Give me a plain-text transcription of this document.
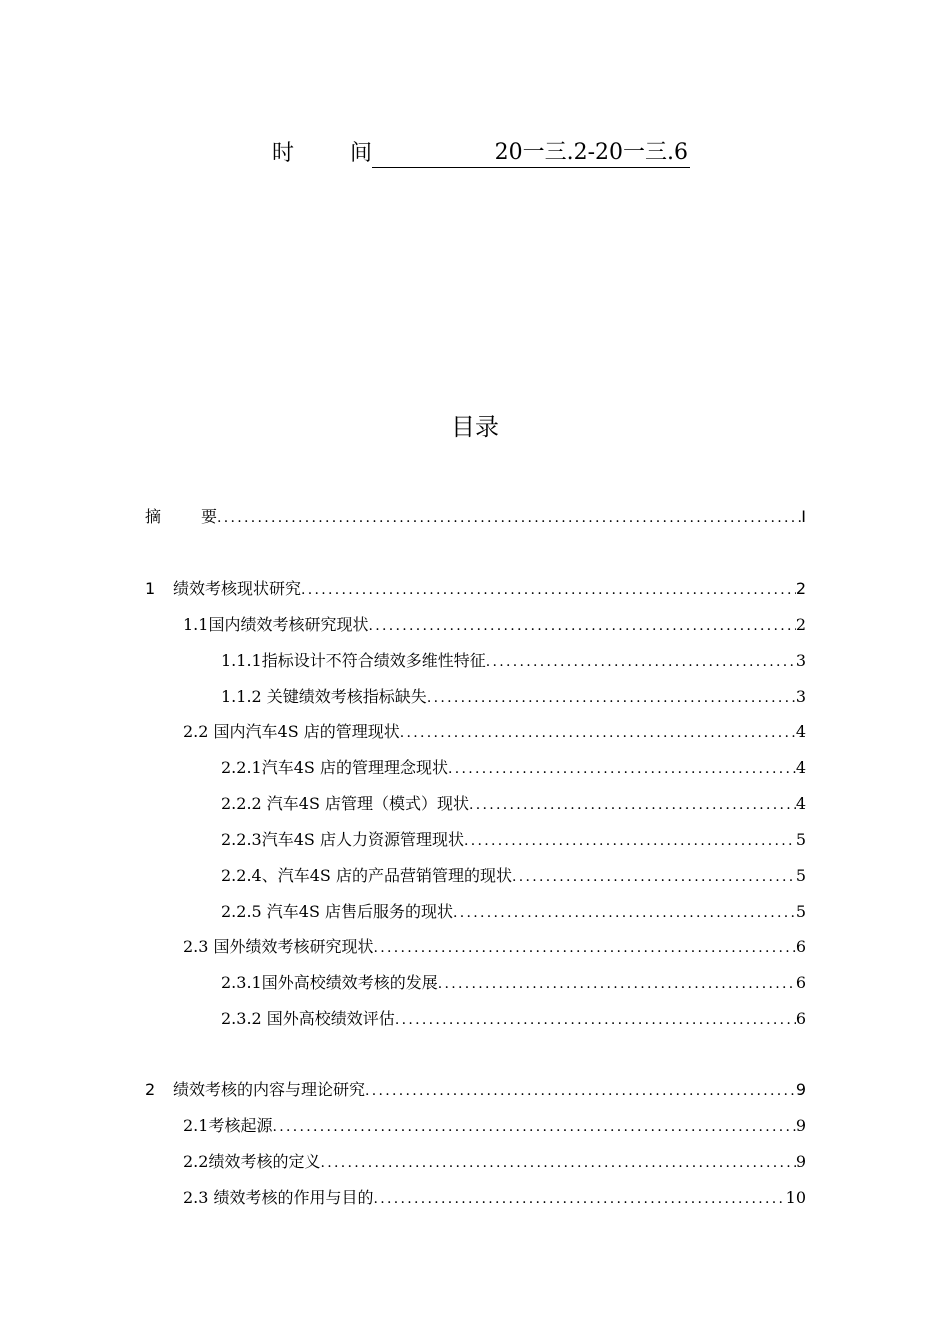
时	间	20一三.2-20一三.6
目录
摘	要 .....	I
1	绩效考核现状研究 .....	2
1.1国内绩效考核研究现状 .....	2
1.1.1指标设计不符合绩效多维性特征 .....	3
1.1.2 关键绩效考核指标缺失 .....	3
2.2 国内汽车4S 店的管理现状 .....	4
2.2.1汽车4S 店的管理理念现状 .....	4
2.2.2 汽车4S 店管理（模式）现状 .....	4
2.2.3汽车4S 店人力资源管理现状 .....	5
2.2.4、汽车4S 店的产品营销管理的现状 .....	5
2.2.5 汽车4S 店售后服务的现状 .....	5
2.3 国外绩效考核研究现状 .....	6
2.3.1国外高校绩效考核的发展 .....	6
2.3.2 国外高校绩效评估 .....	6
2	绩效考核的内容与理论研究 .....	9
2.1考核起源 .....	9
2.2绩效考核的定义 .....	9
2.3 绩效考核的作用与目的 .....	10
